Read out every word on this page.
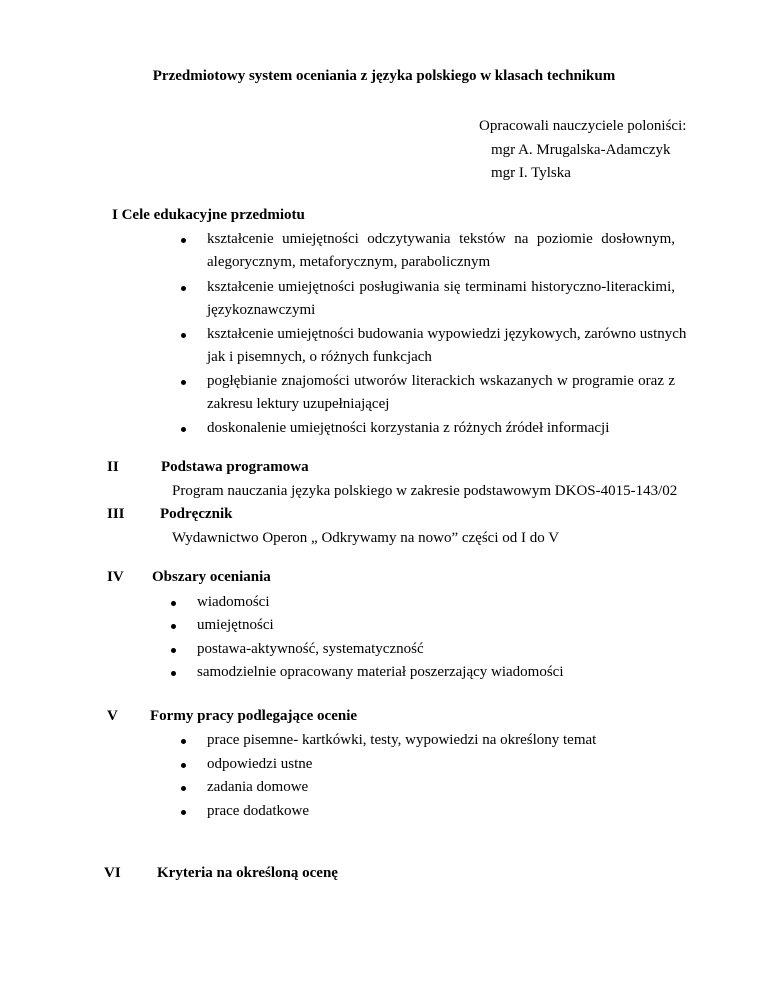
Przedmiotowy system oceniania z języka polskiego w klasach technikum
Opracowali nauczyciele poloniści:
mgr A. Mrugalska-Adamczyk
mgr I. Tylska
I Cele edukacyjne przedmiotu
kształcenie umiejętności odczytywania tekstów na poziomie dosłownym,
alegorycznym, metaforycznym, parabolicznym
kształcenie umiejętności posługiwania się terminami historyczno-literackimi,
językoznawczymi
kształcenie umiejętności budowania wypowiedzi językowych, zarówno ustnych
jak i pisemnych, o różnych funkcjach
pogłębianie znajomości utworów literackich wskazanych w programie oraz z
zakresu lektury uzupełniającej
doskonalenie umiejętności korzystania z różnych źródeł informacji
II	Podstawa programowa
Program nauczania języka polskiego w zakresie podstawowym DKOS-4015-143/02
III Podręcznik
Wydawnictwo Operon „ Odkrywamy na nowo” części od I do V
IV Obszary oceniania
wiadomości
umiejętności
postawa-aktywność, systematyczność
samodzielnie opracowany materiał poszerzający wiadomości
V Formy pracy podlegające ocenie
prace pisemne- kartkówki, testy, wypowiedzi na określony temat
odpowiedzi ustne
zadania domowe
prace dodatkowe
VI Kryteria na określoną ocenę
